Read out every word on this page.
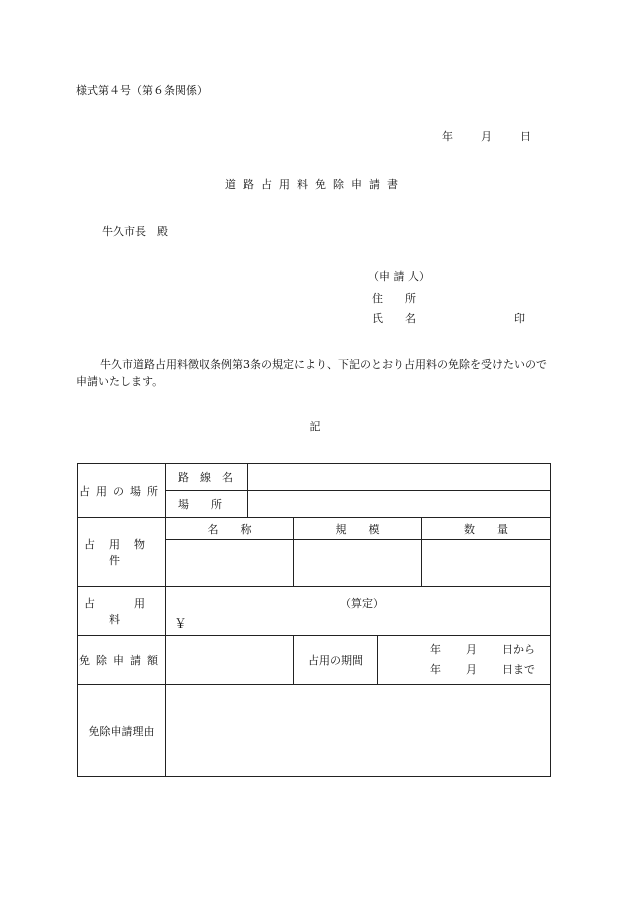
様式第４号（第６条関係）
年	月	日
道路占用料免除申請書
牛久市長　殿
（申 請 人）
住　　所
氏　　名	印
牛久市道路占用料徴収条例第3条の規定により、下記のとおり占用料の免除を受けたいので申請いたします。
記
占用の場所	路　線　名				
	場　　所				
占用物件	名　　称		規　　模		数　　量

占　用　料	（算定）
￥				

免除申請額			占用の期間	年 月 日から
年 月 日まで	

免除申請理由					
